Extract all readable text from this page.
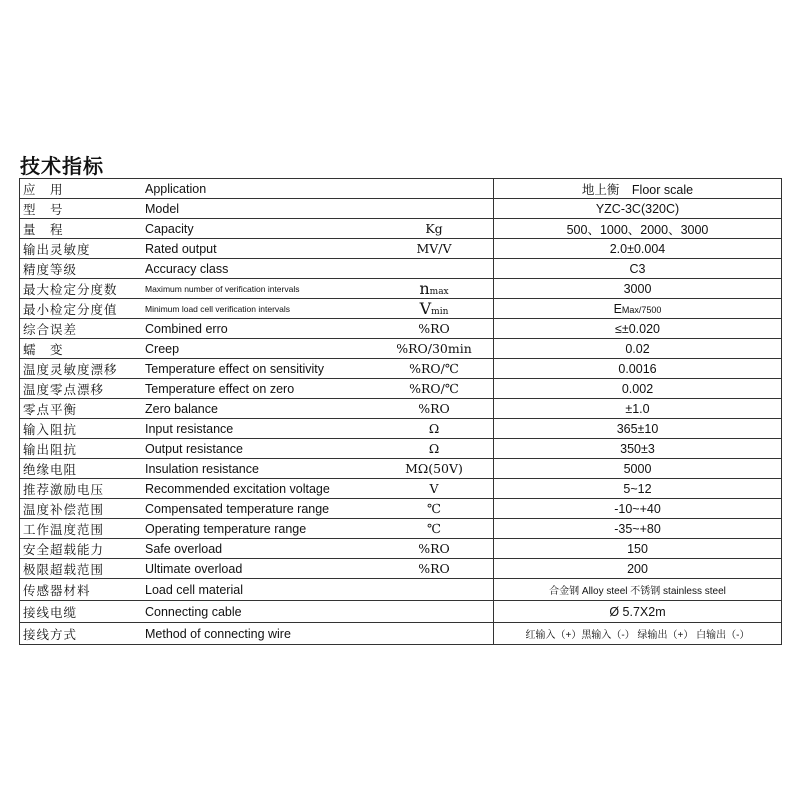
技术指标
应　用	Application		地上衡　Floor scale
型　号	Model		YZC-3C(320C)
量　程	Capacity	Kg	500、1000、2000、3000
输出灵敏度	Rated output	MV/V	2.0±0.004
精度等级	Accuracy class		C3
最大检定分度数	Maximum number of verification intervals	nmax	3000
最小检定分度值	Minimum load cell verification intervals	Vmin	EMax/7500
综合误差	Combined erro	%RO	≤±0.020
蠕　变	Creep	%RO/30min	0.02
温度灵敏度漂移	Temperature effect on sensitivity	%RO/℃	0.0016
温度零点漂移	Temperature effect on zero	%RO/℃	0.002
零点平衡	Zero balance	%RO	±1.0
输入阻抗	Input resistance	Ω	365±10
输出阻抗	Output resistance	Ω	350±3
绝缘电阻	Insulation resistance	MΩ(50V)	5000
推荐激励电压	Recommended excitation voltage	V	5~12
温度补偿范围	Compensated temperature range	℃	-10~+40
工作温度范围	Operating temperature range	℃	-35~+80
安全超载能力	Safe overload	%RO	150
极限超载范围	Ultimate overload	%RO	200
传感器材料	Load cell material		合金钢 Alloy steel 不锈钢 stainless steel
接线电缆	Connecting cable		Ø 5.7X2m
接线方式	Method of connecting wire		红输入（+）黑输入（-） 绿输出（+） 白输出（-）
